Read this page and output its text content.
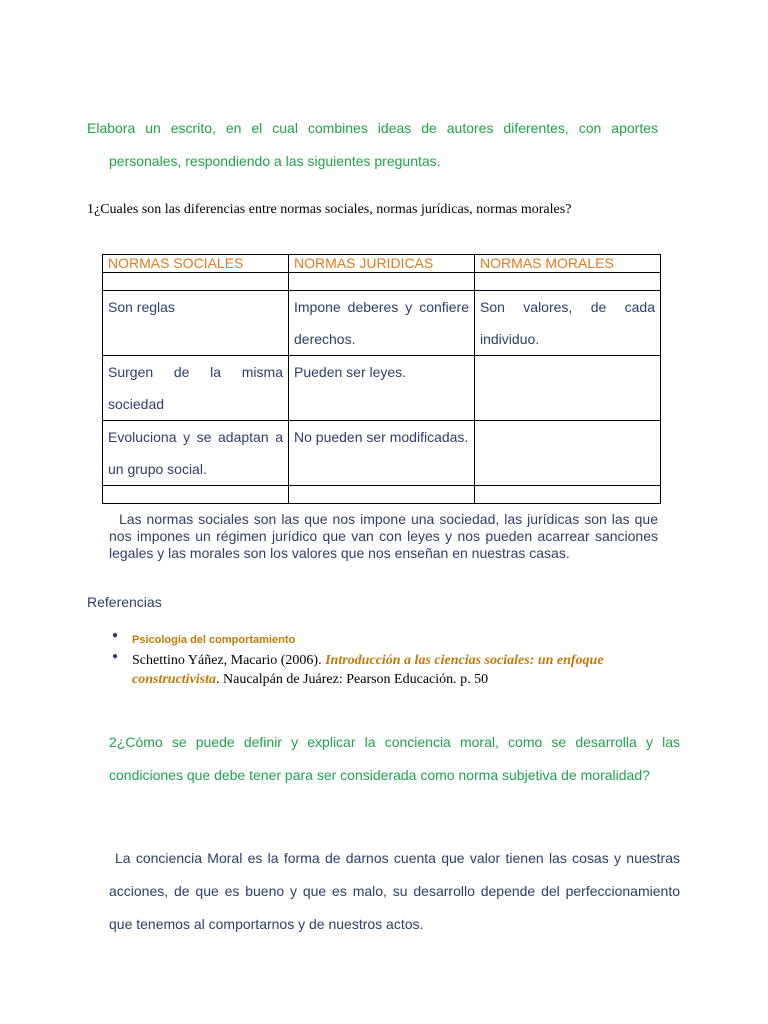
Elabora un escrito, en el cual combines ideas de autores diferentes, con aportes
personales, respondiendo a las siguientes preguntas.
1¿Cuales son las diferencias entre normas sociales, normas jurídicas, normas morales?
NORMAS SOCIALES	NORMAS JURIDICAS	NORMAS MORALES

Son reglas	Impone deberes y confiere derechos.	Son valores, de cada individuo.
Surgen de la misma sociedad	Pueden ser leyes.	
Evoluciona y se adaptan a un grupo social.	No pueden ser modificadas.	

Las normas sociales son las que nos impone una sociedad, las jurídicas son las que nos impones un régimen jurídico que van con leyes y nos pueden acarrear sanciones legales y las morales son los valores que nos enseñan en nuestras casas.
Referencias
● Psicología del comportamiento
● Schettino Yáñez, Macario (2006). Introducción a las ciencias sociales: un enfoque constructivista. Naucalpán de Juárez: Pearson Educación. p. 50
2¿Cómo se puede definir y explicar la conciencia moral, como se desarrolla y las condiciones que debe tener para ser considerada como norma subjetiva de moralidad?
La conciencia Moral es la forma de darnos cuenta que valor tienen las cosas y nuestras acciones, de que es bueno y que es malo, su desarrollo depende del perfeccionamiento que tenemos al comportarnos y de nuestros actos.
